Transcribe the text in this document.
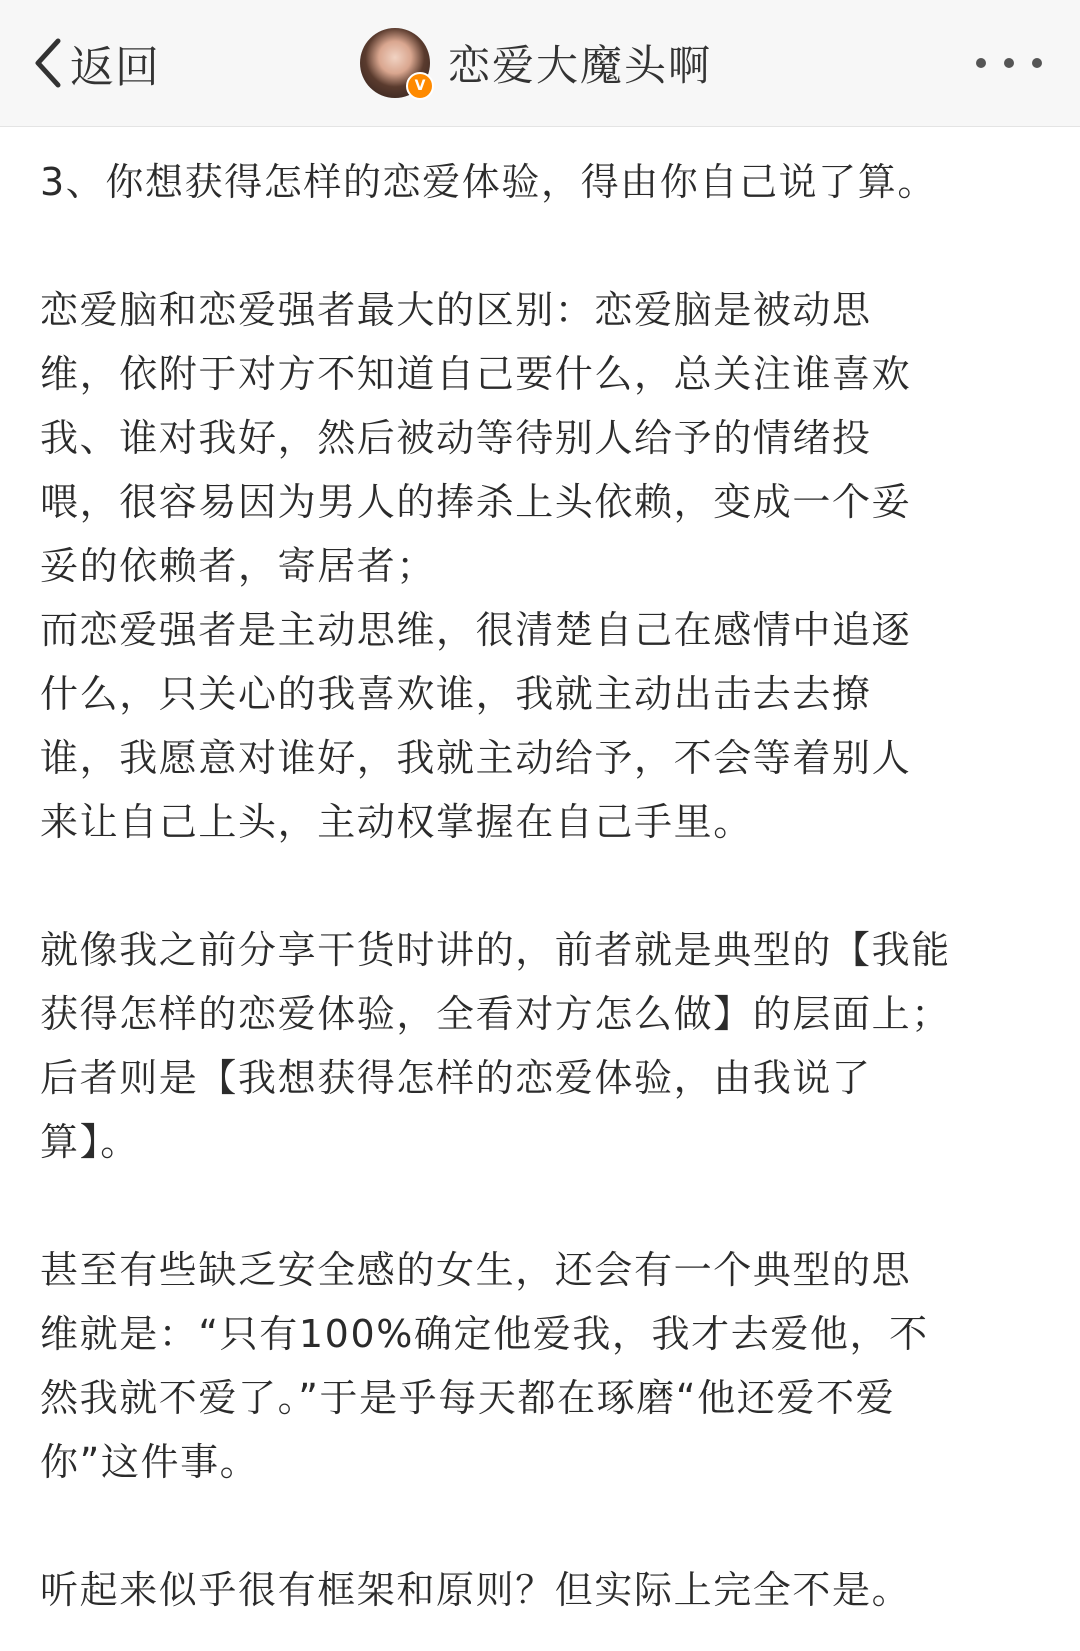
返回	V 恋爱大魔头啊

3、你想获得怎样的恋爱体验，得由你自己说了算。

恋爱脑和恋爱强者最大的区别：恋爱脑是被动思

维，依附于对方不知道自己要什么，总关注谁喜欢

我、谁对我好，然后被动等待别人给予的情绪投

喂，很容易因为男人的捧杀上头依赖，变成一个妥

妥的依赖者，寄居者；

而恋爱强者是主动思维，很清楚自己在感情中追逐

什么，只关心的我喜欢谁，我就主动出击去去撩

谁，我愿意对谁好，我就主动给予，不会等着别人

来让自己上头，主动权掌握在自己手里。

就像我之前分享干货时讲的，前者就是典型的【我能

获得怎样的恋爱体验，全看对方怎么做】的层面上；

后者则是【我想获得怎样的恋爱体验，由我说了

算】。

甚至有些缺乏安全感的女生，还会有一个典型的思

维就是：“只有100%确定他爱我，我才去爱他，不

然我就不爱了。”于是乎每天都在琢磨“他还爱不爱

你”这件事。

听起来似乎很有框架和原则？但实际上完全不是。
